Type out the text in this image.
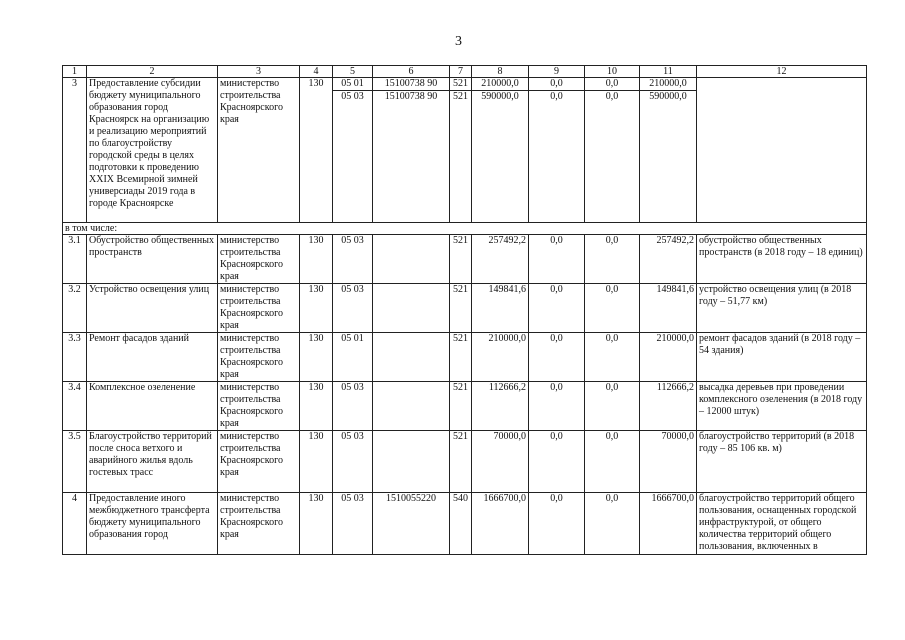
3
1	2	3	4	5	6	7	8	9	10	11	12
3	Предоставление субсидии бюджету муниципального образования город Красноярск на организацию и реализацию мероприятий по благоустройству городской среды в целях подготовки к проведению XXIX Всемирной зимней универсиады 2019 года в городе Красноярске	министерство строительства Красноярского края	130	05 01	15100738 90	521	210000,0	0,0	0,0	210000,0	
				05 03	15100738 90	521	590000,0	0,0	0,0	590000,0	
в том числе:											
3.1	Обустройство общественных пространств	министерство строительства Красноярского края	130	05 03		521	257492,2	0,0	0,0	257492,2	обустройство общественных пространств (в 2018 году – 18 единиц)
3.2	Устройство освещения улиц	министерство строительства Красноярского края	130	05 03		521	149841,6	0,0	0,0	149841,6	устройство освещения улиц (в 2018 году – 51,77 км)
3.3	Ремонт фасадов зданий	министерство строительства Красноярского края	130	05 01		521	210000,0	0,0	0,0	210000,0	ремонт фасадов зданий (в 2018 году – 54 здания)
3.4	Комплексное озеленение	министерство строительства Красноярского края	130	05 03		521	112666,2	0,0	0,0	112666,2	высадка деревьев при проведении комплексного озеленения (в 2018 году – 12000 штук)
3.5	Благоустройство территорий после сноса ветхого и аварийного жилья вдоль гостевых трасс	министерство строительства Красноярского края	130	05 03		521	70000,0	0,0	0,0	70000,0	благоустройство территорий (в 2018 году – 85 106 кв. м)
4	Предоставление иного межбюджетного трансферта бюджету муниципального образования город	министерство строительства Красноярского края	130	05 03	1510055220	540	1666700,0	0,0	0,0	1666700,0	благоустройство территорий общего пользования, оснащенных городской инфраструктурой, от общего количества территорий общего пользования, включенных в
